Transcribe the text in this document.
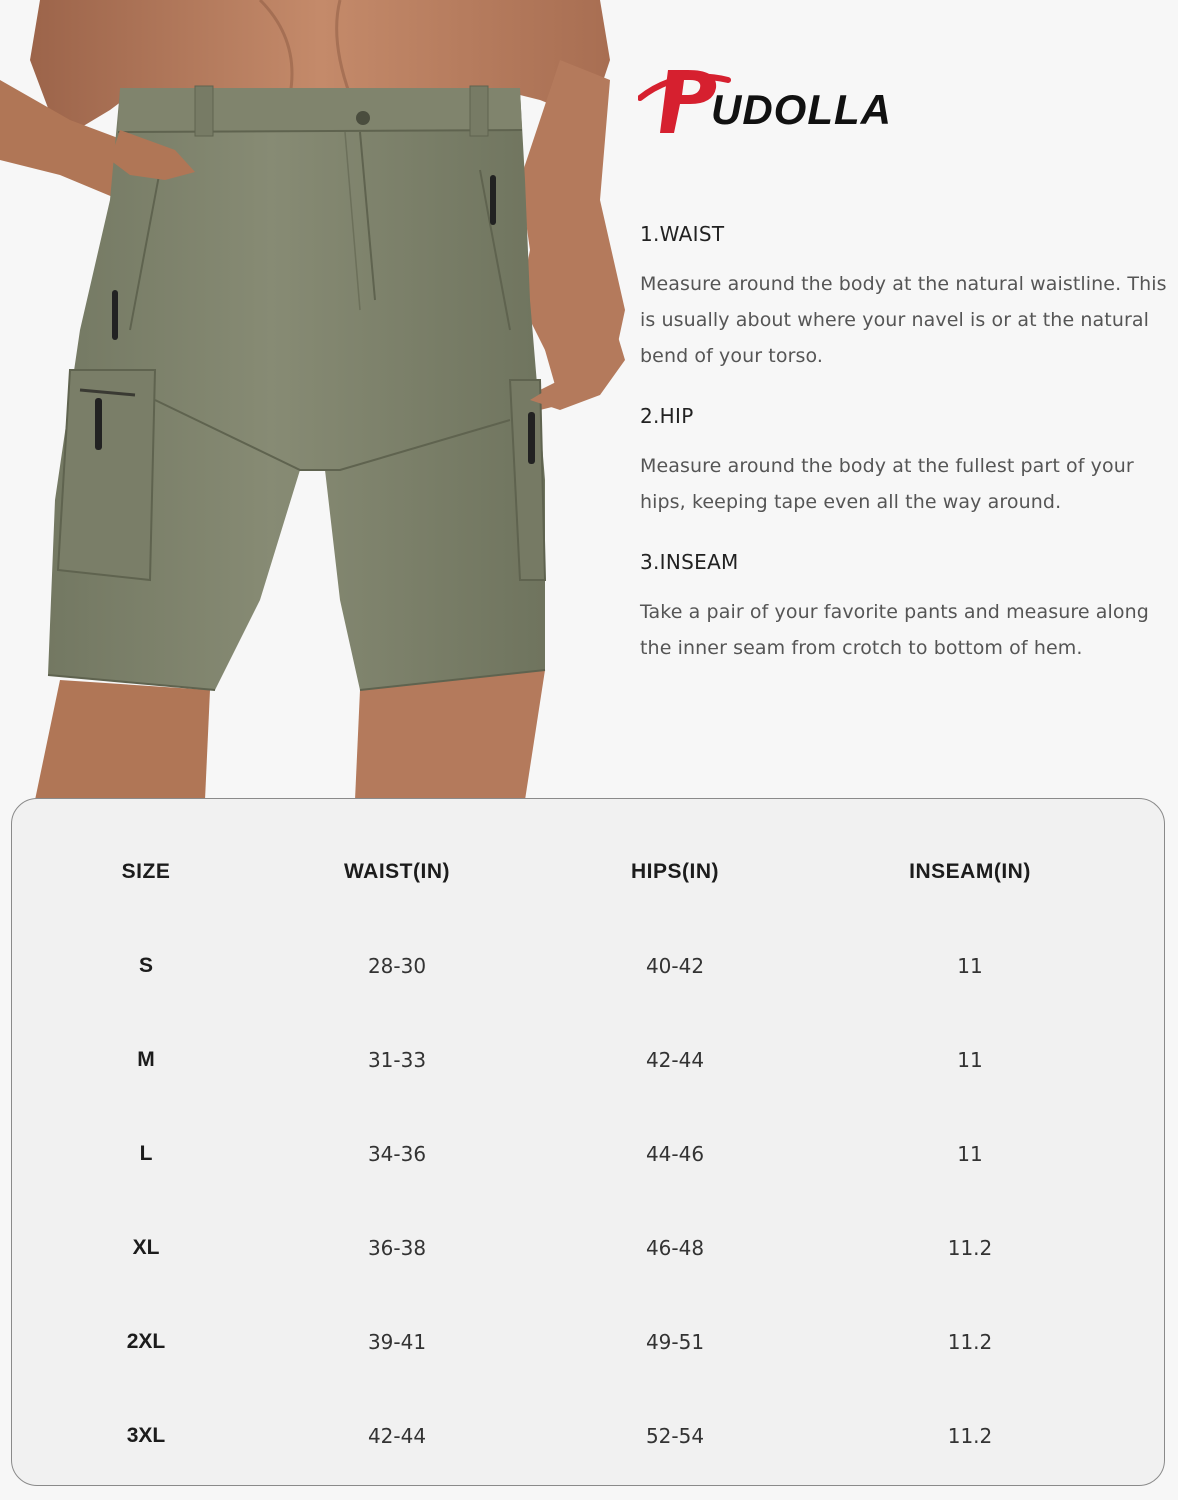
UDOLLA
1.WAIST
Measure around the body at the natural waistline. This is usually about where your navel is or at the natural bend of your torso.
2.HIP
Measure around the body at the fullest part of your hips, keeping tape even all the way around.
3.INSEAM
Take a pair of your favorite pants and measure along the inner seam from crotch to bottom of hem.
SIZE	WAIST(IN)	HIPS(IN)	INSEAM(IN)
S	28-30	40-42	11
M	31-33	42-44	11
L	34-36	44-46	11
XL	36-38	46-48	11.2
2XL	39-41	49-51	11.2
3XL	42-44	52-54	11.2
